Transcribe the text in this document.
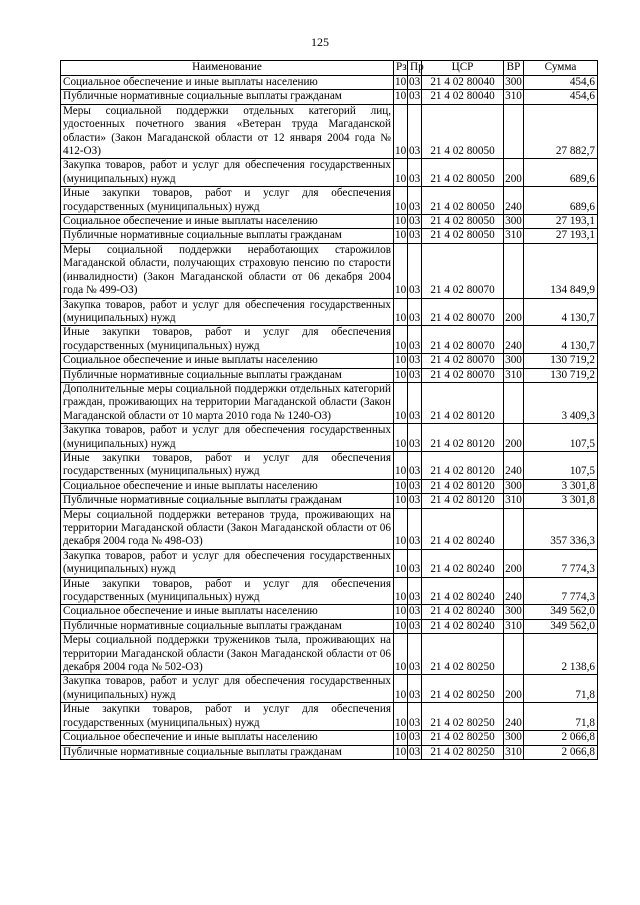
125
Наименование	Рз	Пр	ЦСР	ВР	Сумма
Социальное обеспечение и иные выплаты населению	10	03	21 4 02 80040	300	454,6
Публичные нормативные социальные выплаты гражданам	10	03	21 4 02 80040	310	454,6
Меры социальной поддержки отдельных категорий лиц, удостоенных почетного звания «Ветеран труда Магаданской области» (Закон Магаданской области от 12 января 2004 года № 412-ОЗ)	10	03	21 4 02 80050		27 882,7
Закупка товаров, работ и услуг для обеспечения государственных (муниципальных) нужд	10	03	21 4 02 80050	200	689,6
Иные закупки товаров, работ и услуг для обеспечения государственных (муниципальных) нужд	10	03	21 4 02 80050	240	689,6
Социальное обеспечение и иные выплаты населению	10	03	21 4 02 80050	300	27 193,1
Публичные нормативные социальные выплаты гражданам	10	03	21 4 02 80050	310	27 193,1
Меры социальной поддержки неработающих старожилов Магаданской области, получающих страховую пенсию по старости (инвалидности) (Закон Магаданской области от 06 декабря 2004 года № 499-ОЗ)	10	03	21 4 02 80070		134 849,9
Закупка товаров, работ и услуг для обеспечения государственных (муниципальных) нужд	10	03	21 4 02 80070	200	4 130,7
Иные закупки товаров, работ и услуг для обеспечения государственных (муниципальных) нужд	10	03	21 4 02 80070	240	4 130,7
Социальное обеспечение и иные выплаты населению	10	03	21 4 02 80070	300	130 719,2
Публичные нормативные социальные выплаты гражданам	10	03	21 4 02 80070	310	130 719,2
Дополнительные меры социальной поддержки отдельных категорий граждан, проживающих на территории Магаданской области (Закон Магаданской области от 10 марта 2010 года № 1240-ОЗ)	10	03	21 4 02 80120		3 409,3
Закупка товаров, работ и услуг для обеспечения государственных (муниципальных) нужд	10	03	21 4 02 80120	200	107,5
Иные закупки товаров, работ и услуг для обеспечения государственных (муниципальных) нужд	10	03	21 4 02 80120	240	107,5
Социальное обеспечение и иные выплаты населению	10	03	21 4 02 80120	300	3 301,8
Публичные нормативные социальные выплаты гражданам	10	03	21 4 02 80120	310	3 301,8
Меры социальной поддержки ветеранов труда, проживающих на территории Магаданской области (Закон Магаданской области от 06 декабря 2004 года № 498-ОЗ)	10	03	21 4 02 80240		357 336,3
Закупка товаров, работ и услуг для обеспечения государственных (муниципальных) нужд	10	03	21 4 02 80240	200	7 774,3
Иные закупки товаров, работ и услуг для обеспечения государственных (муниципальных) нужд	10	03	21 4 02 80240	240	7 774,3
Социальное обеспечение и иные выплаты населению	10	03	21 4 02 80240	300	349 562,0
Публичные нормативные социальные выплаты гражданам	10	03	21 4 02 80240	310	349 562,0
Меры социальной поддержки тружеников тыла, проживающих на территории Магаданской области (Закон Магаданской области от 06 декабря 2004 года № 502-ОЗ)	10	03	21 4 02 80250		2 138,6
Закупка товаров, работ и услуг для обеспечения государственных (муниципальных) нужд	10	03	21 4 02 80250	200	71,8
Иные закупки товаров, работ и услуг для обеспечения государственных (муниципальных) нужд	10	03	21 4 02 80250	240	71,8
Социальное обеспечение и иные выплаты населению	10	03	21 4 02 80250	300	2 066,8
Публичные нормативные социальные выплаты гражданам	10	03	21 4 02 80250	310	2 066,8
